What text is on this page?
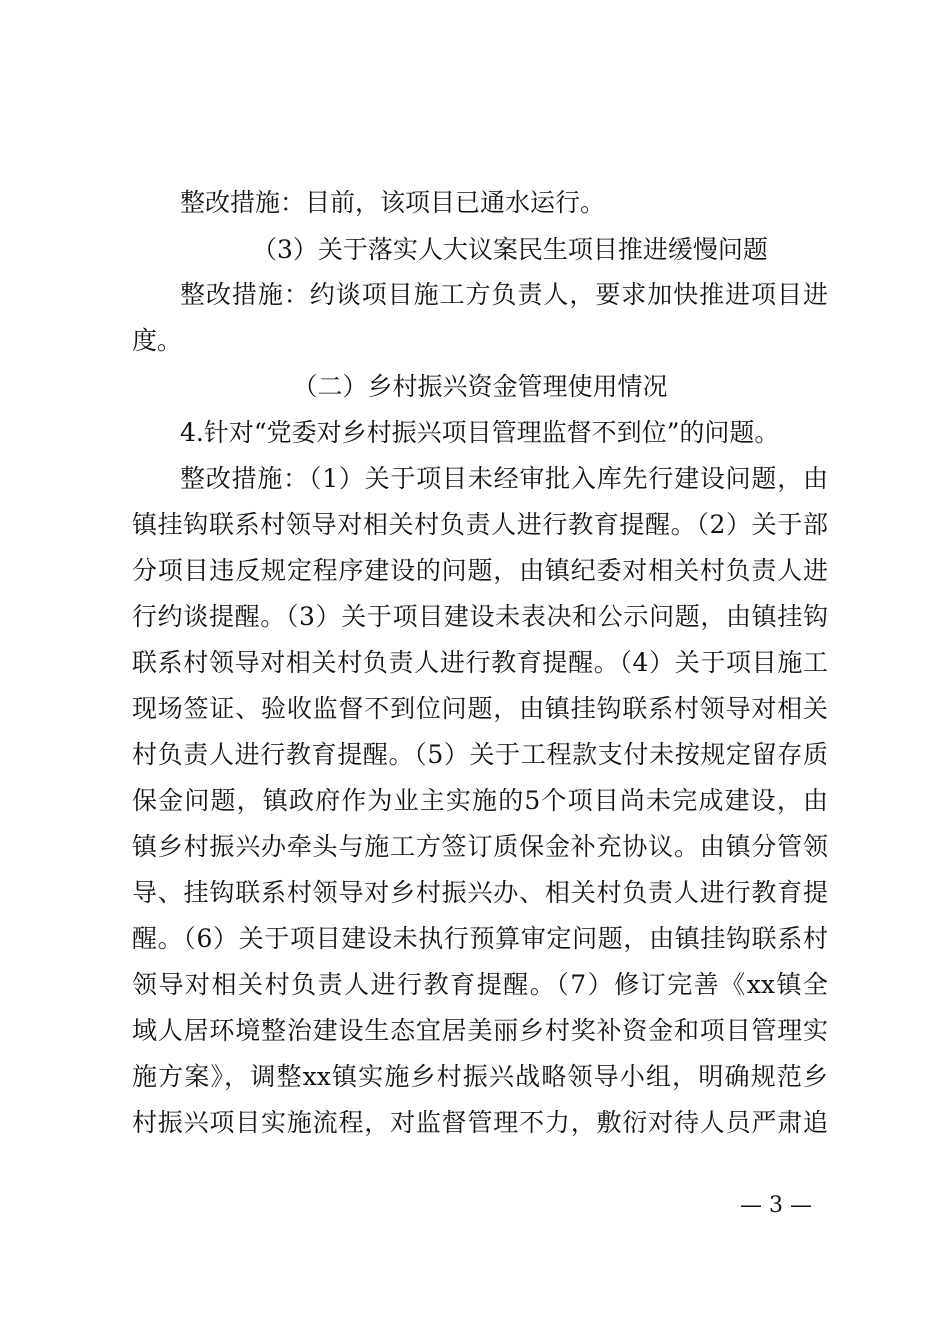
整改措施：目前，该项目已通水运行。
（3）关于落实人大议案民生项目推进缓慢问题
整改措施：约谈项目施工方负责人，要求加快推进项目进
度。
（二）乡村振兴资金管理使用情况
4.针对“党委对乡村振兴项目管理监督不到位”的问题。
整改措施：（1）关于项目未经审批入库先行建设问题，由
镇挂钩联系村领导对相关村负责人进行教育提醒。（2）关于部
分项目违反规定程序建设的问题，由镇纪委对相关村负责人进
行约谈提醒。（3）关于项目建设未表决和公示问题，由镇挂钩
联系村领导对相关村负责人进行教育提醒。（4）关于项目施工
现场签证、验收监督不到位问题，由镇挂钩联系村领导对相关
村负责人进行教育提醒。（5）关于工程款支付未按规定留存质
保金问题，镇政府作为业主实施的5个项目尚未完成建设，由
镇乡村振兴办牵头与施工方签订质保金补充协议。由镇分管领
导、挂钩联系村领导对乡村振兴办、相关村负责人进行教育提
醒。（6）关于项目建设未执行预算审定问题，由镇挂钩联系村
领导对相关村负责人进行教育提醒。（7）修订完善《xx镇全
域人居环境整治建设生态宜居美丽乡村奖补资金和项目管理实
施方案》，调整xx镇实施乡村振兴战略领导小组，明确规范乡
村振兴项目实施流程，对监督管理不力，敷衍对待人员严肃追
— 3 —
